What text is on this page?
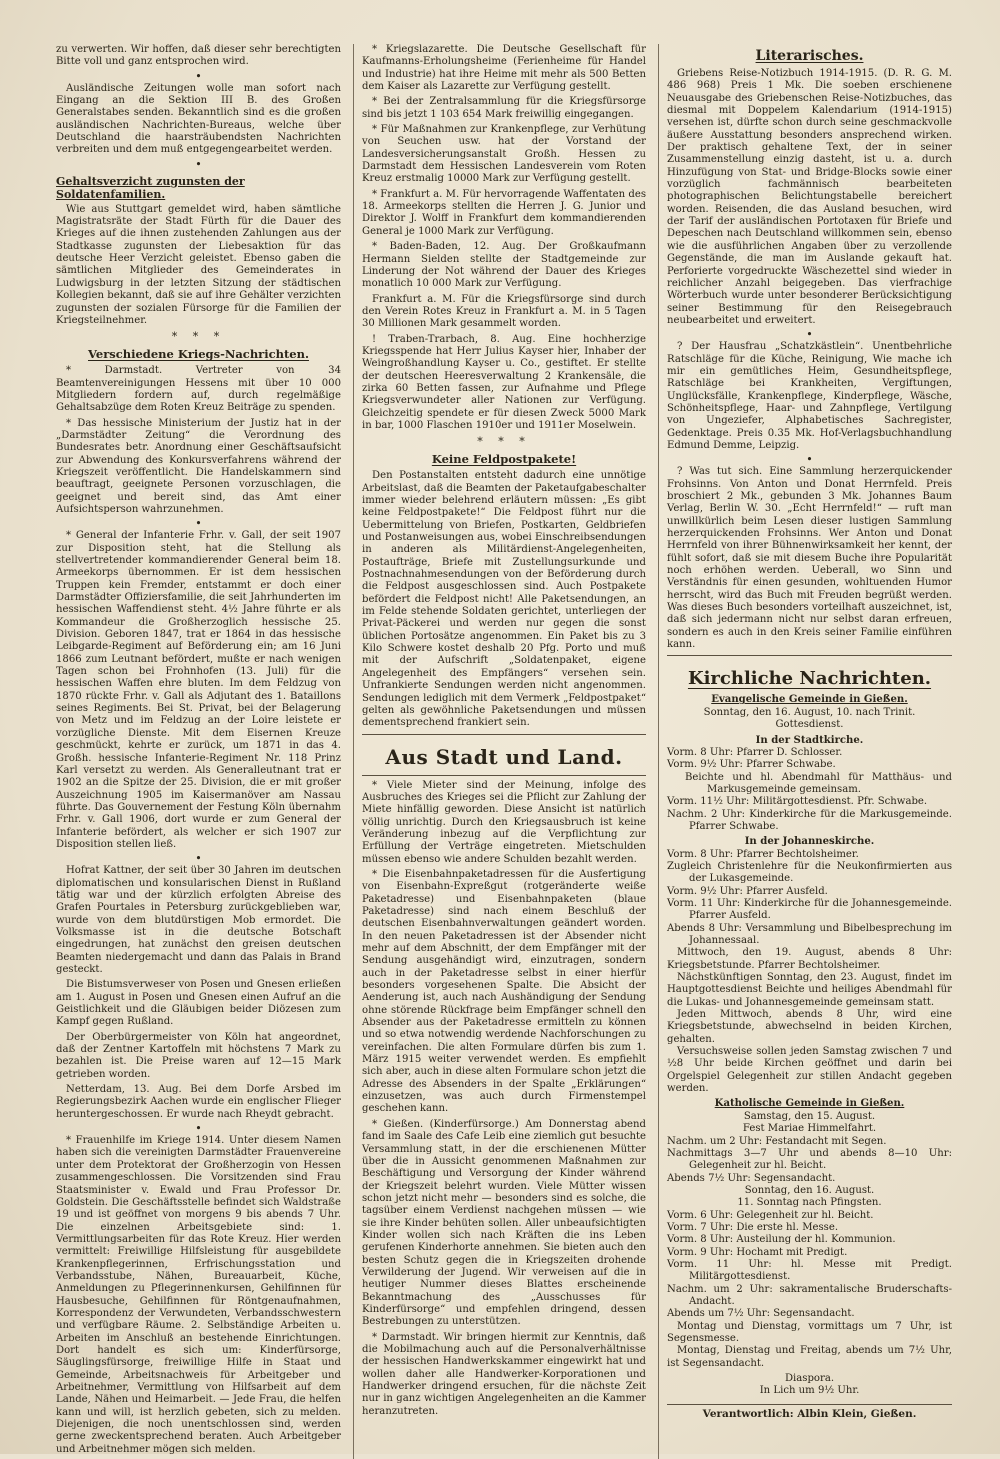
zu verwerten. Wir hoffen, daß dieser sehr berechtigten Bitte voll und ganz entsprochen wird.

•

Ausländische Zeitungen wolle man sofort nach Eingang an die Sektion III B. des Großen Generalstabes senden. Bekanntlich sind es die großen ausländischen Nachrichten-Bureaus, welche über Deutschland die haarsträubendsten Nachrichten verbreiten und dem muß entgegengearbeitet werden.

•
Gehaltsverzicht zugunsten der Soldatenfamilien.

Wie aus Stuttgart gemeldet wird, haben sämtliche Magistratsräte der Stadt Fürth für die Dauer des Krieges auf die ihnen zustehenden Zahlungen aus der Stadtkasse zugunsten der Liebesaktion für das deutsche Heer Verzicht geleistet. Ebenso gaben die sämtlichen Mitglieder des Gemeinderates in Ludwigsburg in der letzten Sitzung der städtischen Kollegien bekannt, daß sie auf ihre Gehälter verzichten zugunsten der sozialen Fürsorge für die Familien der Kriegsteilnehmer.

* * *
Verschiedene Kriegs-Nachrichten.

* Darmstadt. Vertreter von 34 Beamtenvereinigungen Hessens mit über 10 000 Mitgliedern fordern auf, durch regelmäßige Gehaltsabzüge dem Roten Kreuz Beiträge zu spenden.

* Das hessische Ministerium der Justiz hat in der „Darmstädter Zeitung“ die Verordnung des Bundesrates betr. Anordnung einer Geschäftsaufsicht zur Abwendung des Konkursverfahrens während der Kriegszeit veröffentlicht. Die Handelskammern sind beauftragt, geeignete Personen vorzuschlagen, die geeignet und bereit sind, das Amt einer Aufsichtsperson wahrzunehmen.

•

* General der Infanterie Frhr. v. Gall, der seit 1907 zur Disposition steht, hat die Stellung als stellvertretender kommandierender General beim 18. Armeekorps übernommen. Er ist dem hessischen Truppen kein Fremder, entstammt er doch einer Darmstädter Offiziersfamilie, die seit Jahrhunderten im hessischen Waffendienst steht. 4½ Jahre führte er als Kommandeur die Großherzoglich hessische 25. Division. Geboren 1847, trat er 1864 in das hessische Leibgarde-Regiment auf Beförderung ein; am 16 Juni 1866 zum Leutnant befördert, mußte er nach wenigen Tagen schon bei Frohnhofen (13. Juli) für die hessischen Waffen ehre bluten. Im dem Feldzug von 1870 rückte Frhr. v. Gall als Adjutant des 1. Bataillons seines Regiments. Bei St. Privat, bei der Belagerung von Metz und im Feldzug an der Loire leistete er vorzügliche Dienste. Mit dem Eisernen Kreuze geschmückt, kehrte er zurück, um 1871 in das 4. Großh. hessische Infanterie-Regiment Nr. 118 Prinz Karl versetzt zu werden. Als Generalleutnant trat er 1902 an die Spitze der 25. Division, die er mit großer Auszeichnung 1905 im Kaisermanöver am Nassau führte. Das Gouvernement der Festung Köln übernahm Frhr. v. Gall 1906, dort wurde er zum General der Infanterie befördert, als welcher er sich 1907 zur Disposition stellen ließ.

•

Hofrat Kattner, der seit über 30 Jahren im deutschen diplomatischen und konsularischen Dienst in Rußland tätig war und der kürzlich erfolgten Abreise des Grafen Pourtales in Petersburg zurückgeblieben war, wurde von dem blutdürstigen Mob ermordet. Die Volksmasse ist in die deutsche Botschaft eingedrungen, hat zunächst den greisen deutschen Beamten niedergemacht und dann das Palais in Brand gesteckt.

Die Bistumsverweser von Posen und Gnesen erließen am 1. August in Posen und Gnesen einen Aufruf an die Geistlichkeit und die Gläubigen beider Diözesen zum Kampf gegen Rußland.

Der Oberbürgermeister von Köln hat angeordnet, daß der Zentner Kartoffeln mit höchstens 7 Mark zu bezahlen ist. Die Preise waren auf 12—15 Mark getrieben worden.

Netterdam, 13. Aug. Bei dem Dorfe Arsbed im Regierungsbezirk Aachen wurde ein englischer Flieger heruntergeschossen. Er wurde nach Rheydt gebracht.

•

* Frauenhilfe im Kriege 1914. Unter diesem Namen haben sich die vereinigten Darmstädter Frauenvereine unter dem Protektorat der Großherzogin von Hessen zusammengeschlossen. Die Vorsitzenden sind Frau Staatsminister v. Ewald und Frau Professor Dr. Goldstein. Die Geschäftsstelle befindet sich Waldstraße 19 und ist geöffnet von morgens 9 bis abends 7 Uhr. Die einzelnen Arbeitsgebiete sind: 1. Vermittlungsarbeiten für das Rote Kreuz. Hier werden vermittelt: Freiwillige Hilfsleistung für ausgebildete Krankenpflegerinnen, Erfrischungsstation und Verbandsstube, Nähen, Bureauarbeit, Küche, Anmeldungen zu Pflegerinnenkursen, Gehilfinnen für Hausbesuche, Gehilfinnen für Röntgenaufnahmen, Korrespondenz der Verwundeten, Verbandsschwestern und verfügbare Räume. 2. Selbständige Arbeiten u. Arbeiten im Anschluß an bestehende Einrichtungen. Dort handelt es sich um: Kinderfürsorge, Säuglingsfürsorge, freiwillige Hilfe in Staat und Gemeinde, Arbeitsnachweis für Arbeitgeber und Arbeitnehmer, Vermittlung von Hilfsarbeit auf dem Lande, Nähen und Heimarbeit. — Jede Frau, die helfen kann und will, ist herzlich gebeten, sich zu melden. Diejenigen, die noch unentschlossen sind, werden gerne zweckentsprechend beraten. Auch Arbeitgeber und Arbeitnehmer mögen sich melden.

* Kriegslazarette. Die Deutsche Gesellschaft für Kaufmanns-Erholungsheime (Ferienheime für Handel und Industrie) hat ihre Heime mit mehr als 500 Betten dem Kaiser als Lazarette zur Verfügung gestellt.

* Bei der Zentralsammlung für die Kriegsfürsorge sind bis jetzt 1 103 654 Mark freiwillig eingegangen.

* Für Maßnahmen zur Krankenpflege, zur Verhütung von Seuchen usw. hat der Vorstand der Landesversicherungsanstalt Großh. Hessen zu Darmstadt dem Hessischen Landesverein vom Roten Kreuz erstmalig 10000 Mark zur Verfügung gestellt.

* Frankfurt a. M. Für hervorragende Waffentaten des 18. Armeekorps stellten die Herren J. G. Junior und Direktor J. Wolff in Frankfurt dem kommandierenden General je 1000 Mark zur Verfügung.

* Baden-Baden, 12. Aug. Der Großkaufmann Hermann Sielden stellte der Stadtgemeinde zur Linderung der Not während der Dauer des Krieges monatlich 10 000 Mark zur Verfügung.

Frankfurt a. M. Für die Kriegsfürsorge sind durch den Verein Rotes Kreuz in Frankfurt a. M. in 5 Tagen 30 Millionen Mark gesammelt worden.

! Traben-Trarbach, 8. Aug. Eine hochherzige Kriegsspende hat Herr Julius Kayser hier, Inhaber der Weingroßhandlung Kayser u. Co., gestiftet. Er stellte der deutschen Heeresverwaltung 2 Krankensäle, die zirka 60 Betten fassen, zur Aufnahme und Pflege Kriegsverwundeter aller Nationen zur Verfügung. Gleichzeitig spendete er für diesen Zweck 5000 Mark in bar, 1000 Flaschen 1910er und 1911er Moselwein.

* * *
Keine Feldpostpakete!

Den Postanstalten entsteht dadurch eine unnötige Arbeitslast, daß die Beamten der Paketaufgabeschalter immer wieder belehrend erläutern müssen: „Es gibt keine Feldpostpakete!“ Die Feldpost führt nur die Uebermittelung von Briefen, Postkarten, Geldbriefen und Postanweisungen aus, wobei Einschreibsendungen in anderen als Militärdienst-Angelegenheiten, Postaufträge, Briefe mit Zustellungsurkunde und Postnachnahmesendungen von der Beförderung durch die Feldpost ausgeschlossen sind. Auch Postpakete befördert die Feldpost nicht! Alle Paketsendungen, an im Felde stehende Soldaten gerichtet, unterliegen der Privat-Päckerei und werden nur gegen die sonst üblichen Portosätze angenommen. Ein Paket bis zu 3 Kilo Schwere kostet deshalb 20 Pfg. Porto und muß mit der Aufschrift „Soldatenpaket, eigene Angelegenheit des Empfängers“ versehen sein. Unfrankierte Sendungen werden nicht angenommen. Sendungen lediglich mit dem Vermerk „Feldpostpaket“ gelten als gewöhnliche Paketsendungen und müssen dementsprechend frankiert sein.

Aus Stadt und Land.

* Viele Mieter sind der Meinung, infolge des Ausbruches des Krieges sei die Pflicht zur Zahlung der Miete hinfällig geworden. Diese Ansicht ist natürlich völlig unrichtig. Durch den Kriegsausbruch ist keine Veränderung inbezug auf die Verpflichtung zur Erfüllung der Verträge eingetreten. Mietschulden müssen ebenso wie andere Schulden bezahlt werden.

* Die Eisenbahnpaketadressen für die Ausfertigung von Eisenbahn-Expreßgut (rotgeränderte weiße Paketadresse) und Eisenbahnpaketen (blaue Paketadresse) sind nach einem Beschluß der deutschen Eisenbahnverwaltungen geändert worden. In den neuen Paketadressen ist der Absender nicht mehr auf dem Abschnitt, der dem Empfänger mit der Sendung ausgehändigt wird, einzutragen, sondern auch in der Paketadresse selbst in einer hierfür besonders vorgesehenen Spalte. Die Absicht der Aenderung ist, auch nach Aushändigung der Sendung ohne störende Rückfrage beim Empfänger schnell den Absender aus der Paketadresse ermitteln zu können und so etwa notwendig werdende Nachforschungen zu vereinfachen. Die alten Formulare dürfen bis zum 1. März 1915 weiter verwendet werden. Es empfiehlt sich aber, auch in diese alten Formulare schon jetzt die Adresse des Absenders in der Spalte „Erklärungen“ einzusetzen, was auch durch Firmenstempel geschehen kann.

* Gießen. (Kinderfürsorge.) Am Donnerstag abend fand im Saale des Cafe Leib eine ziemlich gut besuchte Versammlung statt, in der die erschienenen Mütter über die in Aussicht genommenen Maßnahmen zur Beschäftigung und Versorgung der Kinder während der Kriegszeit belehrt wurden. Viele Mütter wissen schon jetzt nicht mehr — besonders sind es solche, die tagsüber einem Verdienst nachgehen müssen — wie sie ihre Kinder behüten sollen. Aller unbeaufsichtigten Kinder wollen sich nach Kräften die ins Leben gerufenen Kinderhorte annehmen. Sie bieten auch den besten Schutz gegen die in Kriegszeiten drohende Verwilderung der Jugend. Wir verweisen auf die in heutiger Nummer dieses Blattes erscheinende Bekanntmachung des „Ausschusses für Kinderfürsorge“ und empfehlen dringend, dessen Bestrebungen zu unterstützen.

* Darmstadt. Wir bringen hiermit zur Kenntnis, daß die Mobilmachung auch auf die Personalverhältnisse der hessischen Handwerkskammer eingewirkt hat und wollen daher alle Handwerker-Korporationen und Handwerker dringend ersuchen, für die nächste Zeit nur in ganz wichtigen Angelegenheiten an die Kammer heranzutreten.

Literarisches.

Griebens Reise-Notizbuch 1914-1915. (D. R. G. M. 486 968) Preis 1 Mk. Die soeben erschienene Neuausgabe des Griebenschen Reise-Notizbuches, das diesmal mit Doppelem Kalendarium (1914-1915) versehen ist, dürfte schon durch seine geschmackvolle äußere Ausstattung besonders ansprechend wirken. Der praktisch gehaltene Text, der in seiner Zusammenstellung einzig dasteht, ist u. a. durch Hinzufügung von Stat- und Bridge-Blocks sowie einer vorzüglich fachmännisch bearbeiteten photographischen Belichtungstabelle bereichert worden. Reisenden, die das Ausland besuchen, wird der Tarif der ausländischen Portotaxen für Briefe und Depeschen nach Deutschland willkommen sein, ebenso wie die ausführlichen Angaben über zu verzollende Gegenstände, die man im Auslande gekauft hat. Perforierte vorgedruckte Wäschezettel sind wieder in reichlicher Anzahl beigegeben. Das vierfrachige Wörterbuch wurde unter besonderer Berücksichtigung seiner Bestimmung für den Reisegebrauch neubearbeitet und erweitert.

•

? Der Hausfrau „Schatzkästlein“. Unentbehrliche Ratschläge für die Küche, Reinigung, Wie mache ich mir ein gemütliches Heim, Gesundheitspflege, Ratschläge bei Krankheiten, Vergiftungen, Unglücksfälle, Krankenpflege, Kinderpflege, Wäsche, Schönheitspflege, Haar- und Zahnpflege, Vertilgung von Ungeziefer, Alphabetisches Sachregister, Gedenktage. Preis 0.35 Mk. Hof-Verlagsbuchhandlung Edmund Demme, Leipzig.

•

? Was tut sich. Eine Sammlung herzerquickender Frohsinns. Von Anton und Donat Herrnfeld. Preis broschiert 2 Mk., gebunden 3 Mk. Johannes Baum Verlag, Berlin W. 30. „Echt Herrnfeld!“ — ruft man unwillkürlich beim Lesen dieser lustigen Sammlung herzerquickenden Frohsinns. Wer Anton und Donat Herrnfeld von ihrer Bühnenwirksamkeit her kennt, der fühlt sofort, daß sie mit diesem Buche ihre Popularität noch erhöhen werden. Ueberall, wo Sinn und Verständnis für einen gesunden, wohltuenden Humor herrscht, wird das Buch mit Freuden begrüßt werden. Was dieses Buch besonders vorteilhaft auszeichnet, ist, daß sich jedermann nicht nur selbst daran erfreuen, sondern es auch in den Kreis seiner Familie einführen kann.

Kirchliche Nachrichten.

Evangelische Gemeinde in Gießen.

Sonntag, den 16. August, 10. nach Trinit.

Gottesdienst.

In der Stadtkirche.

Vorm. 8 Uhr: Pfarrer D. Schlosser.

Vorm. 9½ Uhr: Pfarrer Schwabe.

Beichte und hl. Abendmahl für Matthäus- und Markusgemeinde gemeinsam.

Vorm. 11½ Uhr: Militärgottesdienst. Pfr. Schwabe.

Nachm. 2 Uhr: Kinderkirche für die Markusgemeinde. Pfarrer Schwabe.

In der Johanneskirche.

Vorm. 8 Uhr: Pfarrer Bechtolsheimer.

Zugleich Christenlehre für die Neukonfirmierten aus der Lukasgemeinde.

Vorm. 9½ Uhr: Pfarrer Ausfeld.

Vorm. 11 Uhr: Kinderkirche für die Johannesgemeinde. Pfarrer Ausfeld.

Abends 8 Uhr: Versammlung und Bibelbesprechung im Johannessaal.

Mittwoch, den 19. August, abends 8 Uhr: Kriegsbetstunde. Pfarrer Bechtolsheimer.

Nächstkünftigen Sonntag, den 23. August, findet im Hauptgottesdienst Beichte und heiliges Abendmahl für die Lukas- und Johannesgemeinde gemeinsam statt.

Jeden Mittwoch, abends 8 Uhr, wird eine Kriegsbetstunde, abwechselnd in beiden Kirchen, gehalten.

Versuchsweise sollen jeden Samstag zwischen 7 und ½8 Uhr beide Kirchen geöffnet und darin bei Orgelspiel Gelegenheit zur stillen Andacht gegeben werden.

Katholische Gemeinde in Gießen.

Samstag, den 15. August.

Fest Mariae Himmelfahrt.

Nachm. um 2 Uhr: Festandacht mit Segen.

Nachmittags 3—7 Uhr und abends 8—10 Uhr: Gelegenheit zur hl. Beicht.

Abends 7½ Uhr: Segensandacht.

Sonntag, den 16. August.

11. Sonntag nach Pfingsten.

Vorm. 6 Uhr: Gelegenheit zur hl. Beicht.

Vorm. 7 Uhr: Die erste hl. Messe.

Vorm. 8 Uhr: Austeilung der hl. Kommunion.

Vorm. 9 Uhr: Hochamt mit Predigt.

Vorm. 11 Uhr: hl. Messe mit Predigt. Militärgottesdienst.

Nachm. um 2 Uhr: sakramentalische Bruderschafts-Andacht.

Abends um 7½ Uhr: Segensandacht.

Montag und Dienstag, vormittags um 7 Uhr, ist Segensmesse.

Montag, Dienstag und Freitag, abends um 7½ Uhr, ist Segensandacht.

Diaspora.

In Lich um 9½ Uhr.

Verantwortlich: Albin Klein, Gießen.
